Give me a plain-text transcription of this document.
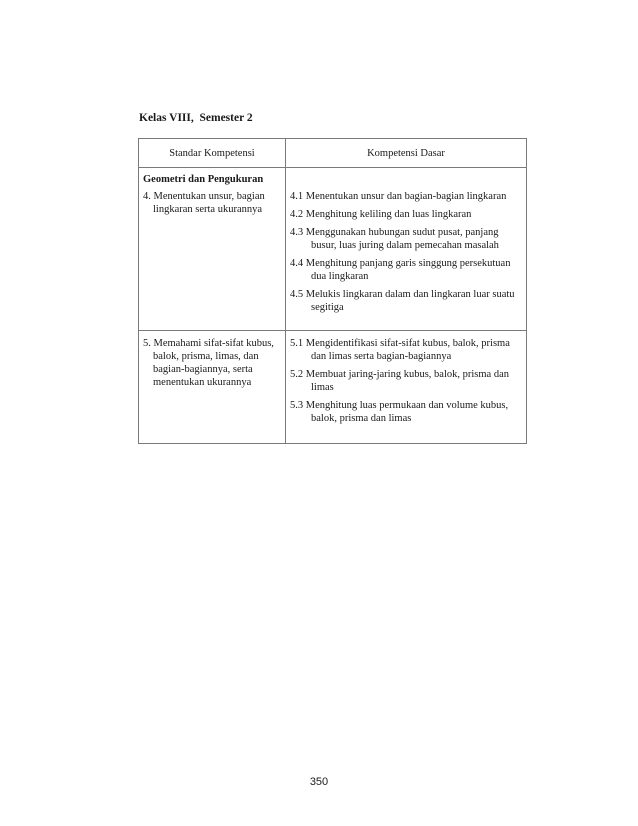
Kelas VIII,  Semester 2
Standar Kompetensi	Kompetensi Dasar
Geometri dan Pengukuran	

4. Menentukan unsur, bagian lingkaran serta ukurannya	4.1 Menentukan unsur dan bagian-bagian lingkaran
4.2 Menghitung keliling dan luas lingkaran
4.3 Menggunakan hubungan sudut pusat, panjang busur, luas juring dalam pemecahan masalah
4.4 Menghitung panjang garis singgung persekutuan dua lingkaran
4.5 Melukis lingkaran dalam dan lingkaran luar suatu segitiga

5. Memahami sifat-sifat kubus, balok, prisma, limas, dan bagian-bagiannya, serta menentukan ukurannya	5.1 Mengidentifikasi sifat-sifat kubus, balok, prisma dan limas serta bagian-bagiannya
5.2 Membuat jaring-jaring kubus, balok, prisma dan limas
5.3 Menghitung luas permukaan dan volume kubus, balok, prisma dan limas
350
